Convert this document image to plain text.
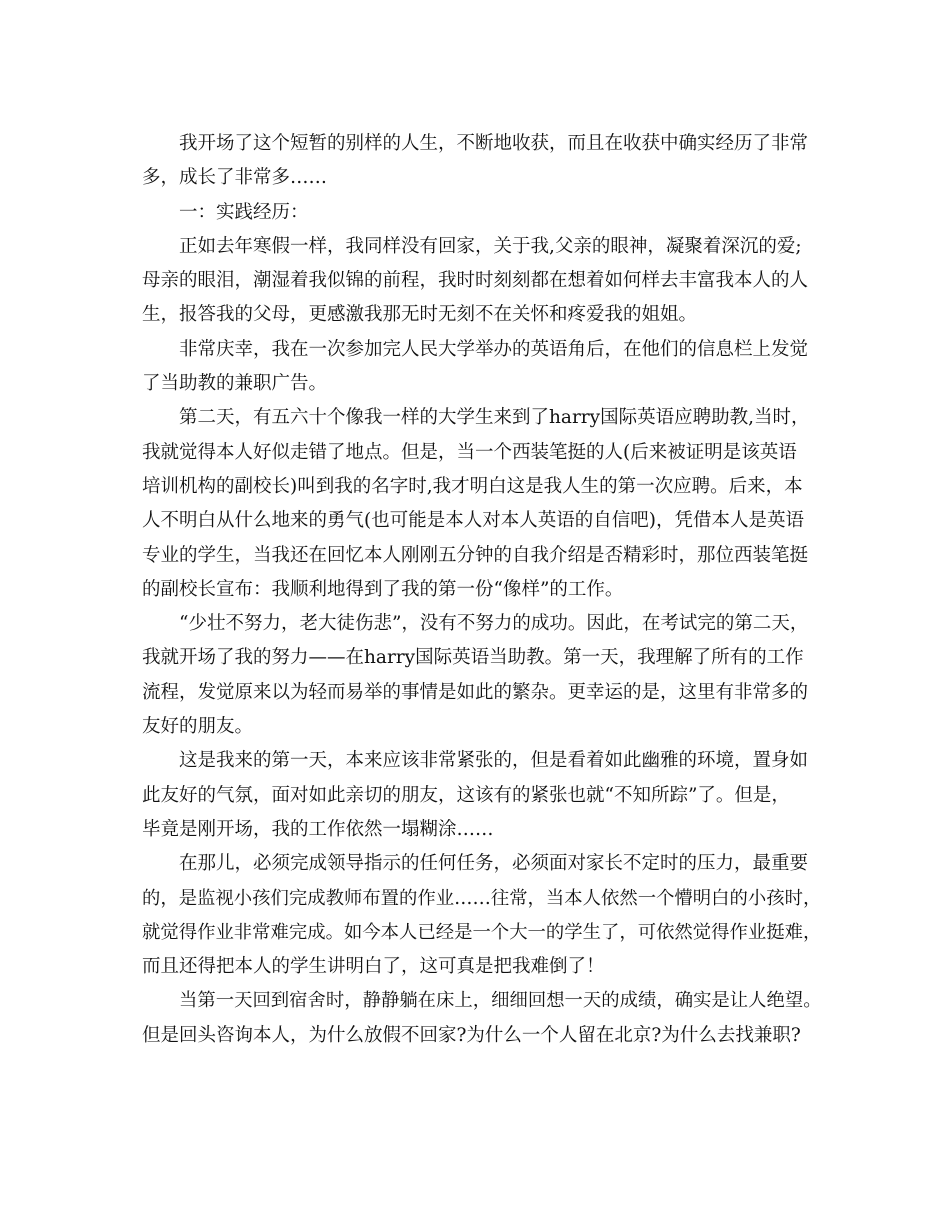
我开场了这个短暂的别样的人生，不断地收获，而且在收获中确实经历了非常
多，成长了非常多……
一：实践经历：
正如去年寒假一样，我同样没有回家，关于我,父亲的眼神，凝聚着深沉的爱;
母亲的眼泪，潮湿着我似锦的前程，我时时刻刻都在想着如何样去丰富我本人的人
生，报答我的父母，更感激我那无时无刻不在关怀和疼爱我的姐姐。
非常庆幸，我在一次参加完人民大学举办的英语角后，在他们的信息栏上发觉
了当助教的兼职广告。
第二天，有五六十个像我一样的大学生来到了harry国际英语应聘助教,当时，
我就觉得本人好似走错了地点。但是，当一个西装笔挺的人(后来被证明是该英语
培训机构的副校长)叫到我的名字时,我才明白这是我人生的第一次应聘。后来，本
人不明白从什么地来的勇气(也可能是本人对本人英语的自信吧)，凭借本人是英语
专业的学生，当我还在回忆本人刚刚五分钟的自我介绍是否精彩时，那位西装笔挺
的副校长宣布：我顺利地得到了我的第一份“像样”的工作。
“少壮不努力，老大徒伤悲”，没有不努力的成功。因此，在考试完的第二天，
我就开场了我的努力——在harry国际英语当助教。第一天，我理解了所有的工作
流程，发觉原来以为轻而易举的事情是如此的繁杂。更幸运的是，这里有非常多的
友好的朋友。
这是我来的第一天，本来应该非常紧张的，但是看着如此幽雅的环境，置身如
此友好的气氛，面对如此亲切的朋友，这该有的紧张也就“不知所踪”了。但是，
毕竟是刚开场，我的工作依然一塌糊涂……
在那儿，必须完成领导指示的任何任务，必须面对家长不定时的压力，最重要
的，是监视小孩们完成教师布置的作业……往常，当本人依然一个懵明白的小孩时，
就觉得作业非常难完成。如今本人已经是一个大一的学生了，可依然觉得作业挺难，
而且还得把本人的学生讲明白了，这可真是把我难倒了！
当第一天回到宿舍时，静静躺在床上，细细回想一天的成绩，确实是让人绝望。
但是回头咨询本人，为什么放假不回家?为什么一个人留在北京?为什么去找兼职?
